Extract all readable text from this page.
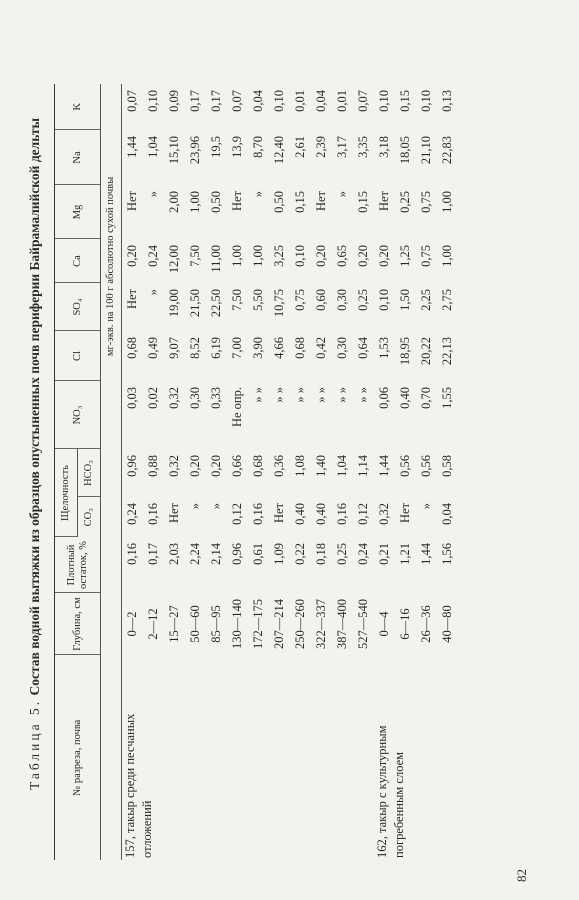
82
Таблица 5. Состав водной вытяжки из образцов опустыненных почв периферии Байрамалийской дельты
№ разреза, почва	Глубина, см	Плотный остаток, %	Щелочность		NO₃	Cl	SO₄	Ca	Mg	Na	K
			CO₃	HCO₃							
					мг-экв. на 100 г абсолютно сухой почвы						
157, такыр среди песчаных отложений	0—2	0,16	0,24	0,96	0,03	0,68	Нет	0,20	Нет	1,44	0,07
	2—12	0,17	0,16	0,88	0,02	0,49	»	0,24	»	1,04	0,10
	15—27	2,03	Нет	0,32	0,32	9,07	19,00	12,00	2,00	15,10	0,09
	50—60	2,24	»	0,20	0,30	8,52	21,50	7,50	1,00	23,96	0,17
	85—95	2,14	»	0,20	0,33	6,19	22,50	11,00	0,50	19,5	0,17
	130—140	0,96	0,12	0,66	Не опр.	7,00	7,50	1,00	Нет	13,9	0,07
	172—175	0,61	0,16	0,68	» »	3,90	5,50	1,00	»	8,70	0,04
	207—214	1,09	Нет	0,36	» »	4,66	10,75	3,25	0,50	12,40	0,10
	250—260	0,22	0,40	1,08	» »	0,68	0,75	0,10	0,15	2,61	0,01
	322—337	0,18	0,40	1,40	» »	0,42	0,60	0,20	Нет	2,39	0,04
	387—400	0,25	0,16	1,04	» »	0,30	0,30	0,65	»	3,17	0,01
	527—540	0,24	0,12	1,14	» »	0,64	0,25	0,20	0,15	3,35	0,07
162, такыр с культурным погребенным слоем	0—4	0,21	0,32	1,44	0,06	1,53	0,10	0,20	Нет	3,18	0,10
	6—16	1,21	Нет	0,56	0,40	18,95	1,50	1,25	0,25	18,05	0,15
	26—36	1,44	»	0,56	0,70	20,22	2,25	0,75	0,75	21,10	0,10
	40—80	1,56	0,04	0,58	1,55	22,13	2,75	1,00	1,00	22,83	0,13
